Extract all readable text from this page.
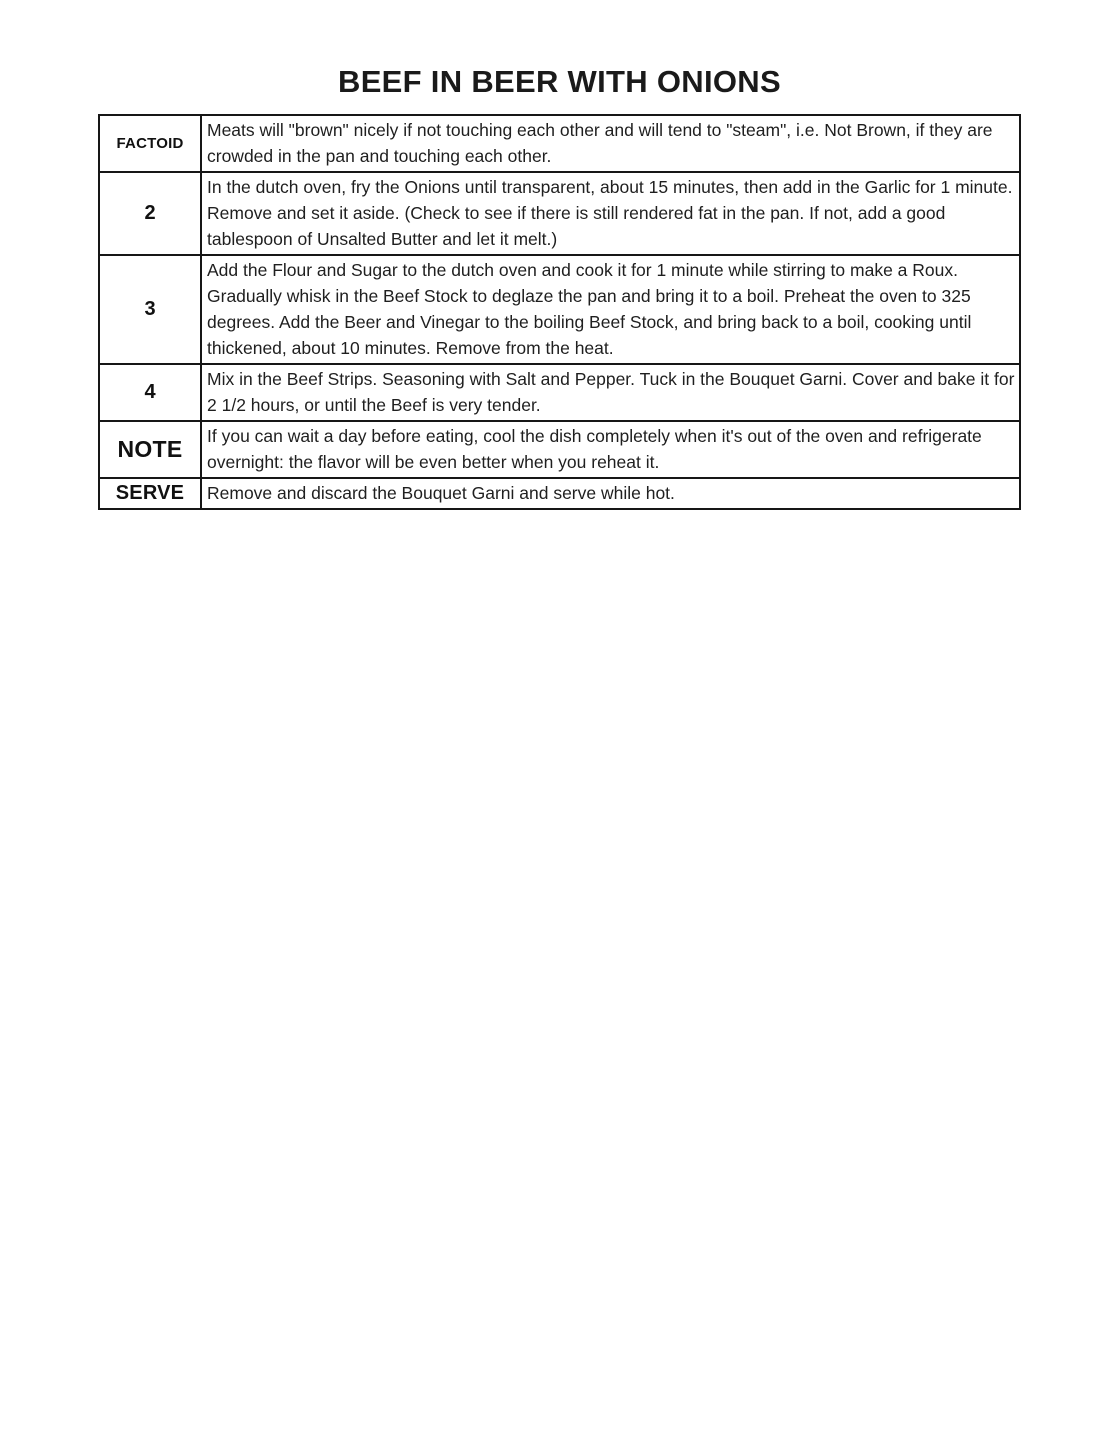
BEEF IN BEER WITH ONIONS
FACTOID	Meats will "brown" nicely if not touching each other and will tend to "steam", i.e. Not Brown, if they are crowded in the pan and touching each other.
2	In the dutch oven, fry the Onions until transparent, about 15 minutes, then add in the Garlic for 1 minute. Remove and set it aside. (Check to see if there is still rendered fat in the pan. If not, add a good tablespoon of Unsalted Butter and let it melt.)
3	Add the Flour and Sugar to the dutch oven and cook it for 1 minute while stirring to make a Roux. Gradually whisk in the Beef Stock to deglaze the pan and bring it to a boil. Preheat the oven to 325 degrees. Add the Beer and Vinegar to the boiling Beef Stock, and bring back to a boil, cooking until thickened, about 10 minutes. Remove from the heat.
4	Mix in the Beef Strips. Seasoning with Salt and Pepper. Tuck in the Bouquet Garni. Cover and bake it for 2 1/2 hours, or until the Beef is very tender.
NOTE	If you can wait a day before eating, cool the dish completely when it's out of the oven and refrigerate overnight: the flavor will be even better when you reheat it.
SERVE	Remove and discard the Bouquet Garni and serve while hot.
